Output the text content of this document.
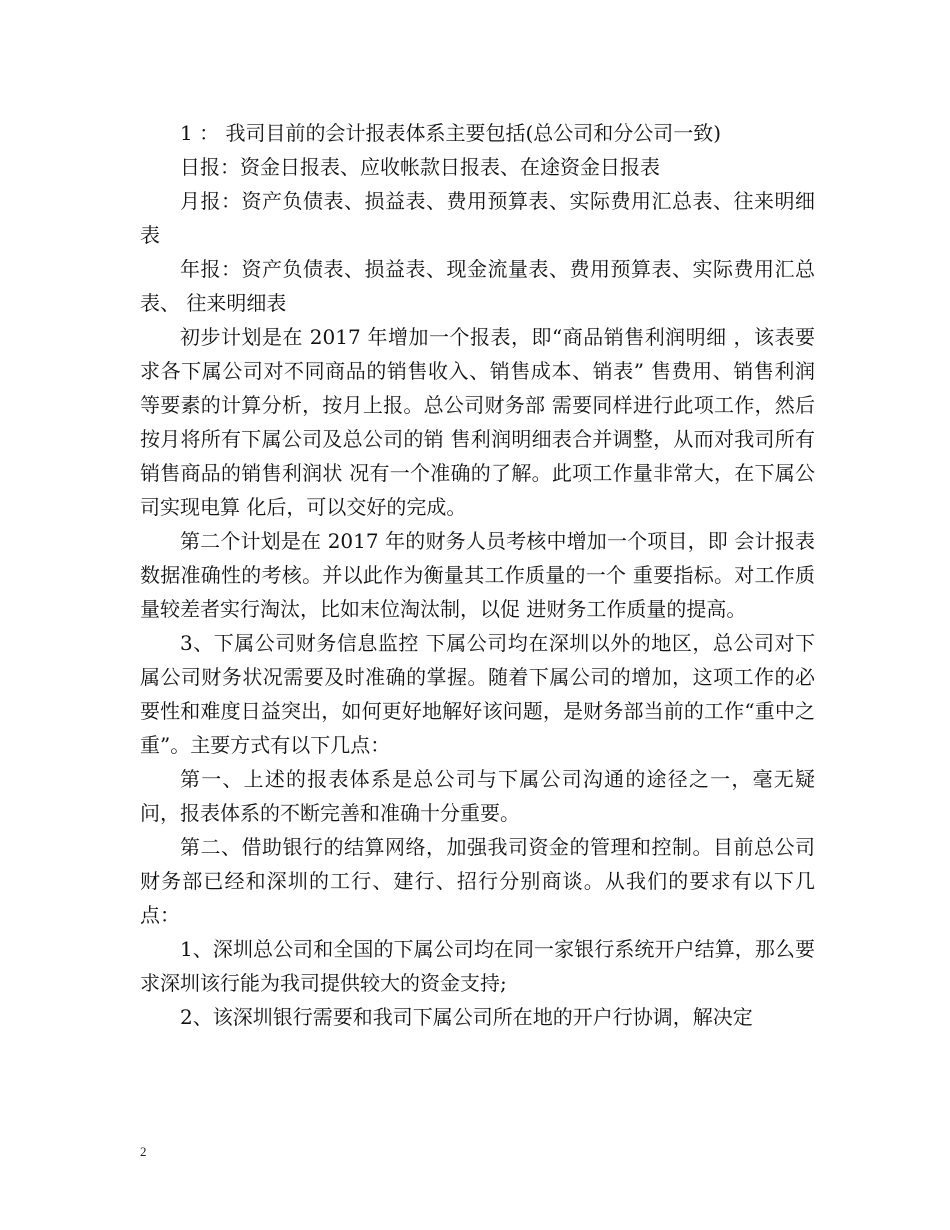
1 ： 我司目前的会计报表体系主要包括(总公司和分公司一致)

日报：资金日报表、应收帐款日报表、在途资金日报表

月报：资产负债表、损益表、费用预算表、实际费用汇总表、往来明细表

年报：资产负债表、损益表、现金流量表、费用预算表、实际费用汇总表、 往来明细表

初步计划是在 2017 年增加一个报表，即“商品销售利润明细 ，该表要求各下属公司对不同商品的销售收入、销售成本、销表” 售费用、销售利润等要素的计算分析，按月上报。总公司财务部 需要同样进行此项工作，然后按月将所有下属公司及总公司的销 售利润明细表合并调整，从而对我司所有销售商品的销售利润状 况有一个准确的了解。此项工作量非常大，在下属公司实现电算 化后，可以交好的完成。

第二个计划是在 2017 年的财务人员考核中增加一个项目，即 会计报表数据准确性的考核。并以此作为衡量其工作质量的一个 重要指标。对工作质量较差者实行淘汰，比如末位淘汰制，以促 进财务工作质量的提高。

3、下属公司财务信息监控 下属公司均在深圳以外的地区，总公司对下属公司财务状况需要及时准确的掌握。随着下属公司的增加，这项工作的必要性和难度日益突出，如何更好地解好该问题，是财务部当前的工作“重中之重”。主要方式有以下几点：

第一、上述的报表体系是总公司与下属公司沟通的途径之一，毫无疑问，报表体系的不断完善和准确十分重要。

第二、借助银行的结算网络，加强我司资金的管理和控制。目前总公司财务部已经和深圳的工行、建行、招行分别商谈。从我们的要求有以下几点：

1、深圳总公司和全国的下属公司均在同一家银行系统开户结算，那么要求深圳该行能为我司提供较大的资金支持;

2、该深圳银行需要和我司下属公司所在地的开户行协调，解决定

2
